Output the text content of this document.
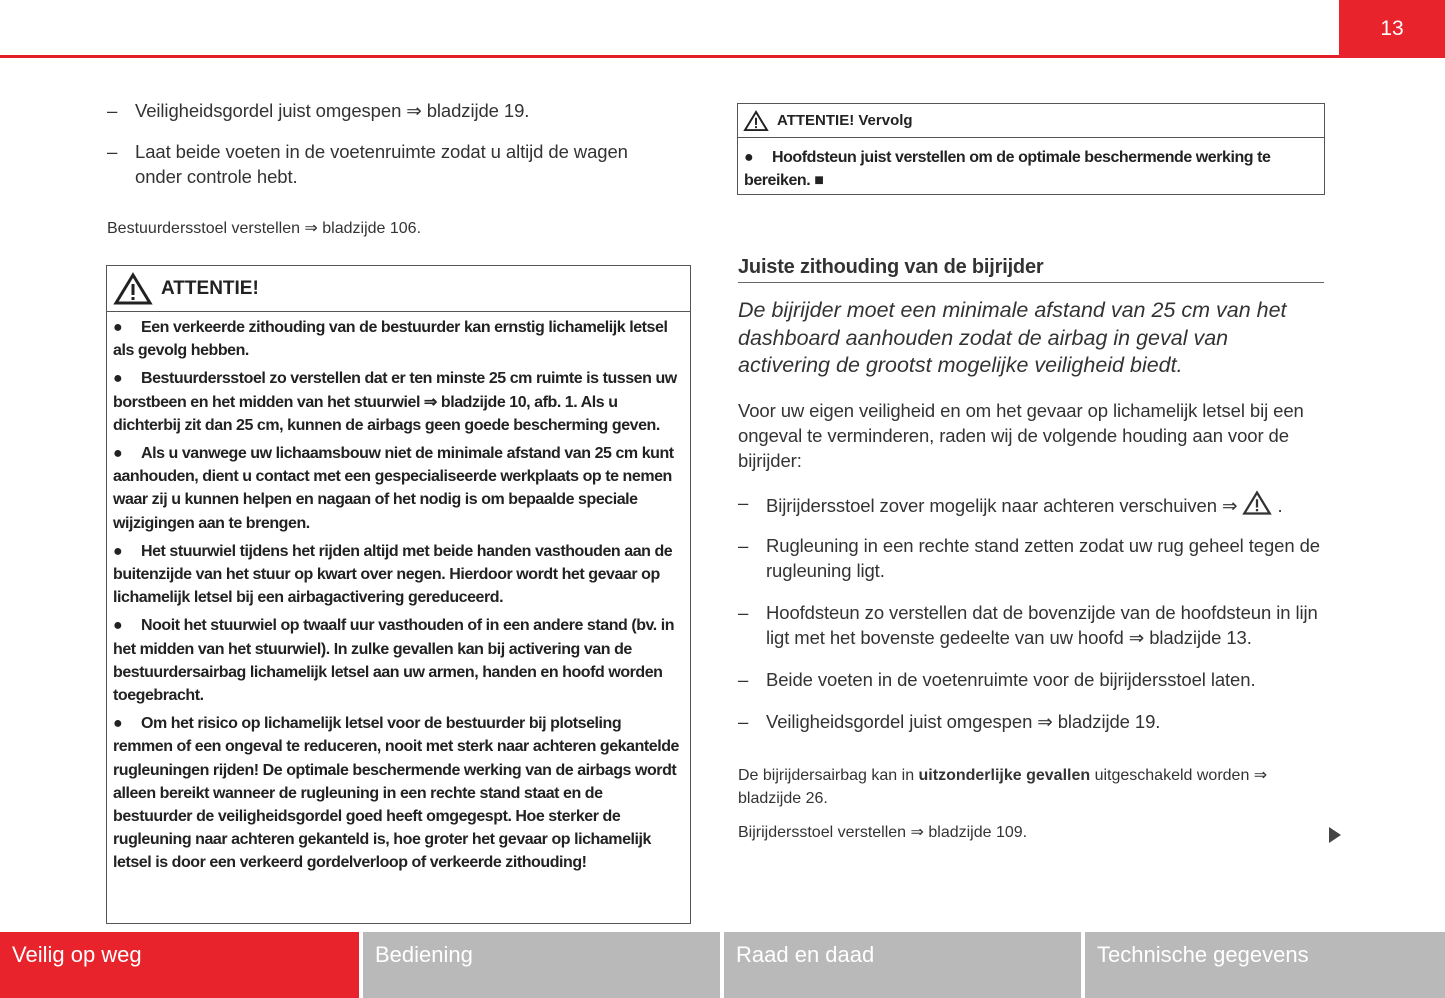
13
– Veiligheidsgordel juist omgespen ⇒ bladzijde 19.
– Laat beide voeten in de voetenruimte zodat u altijd de wagen onder controle hebt.
Bestuurdersstoel verstellen ⇒ bladzijde 106.
ATTENTIE!

● Een verkeerde zithouding van de bestuurder kan ernstig lichamelijk letsel als gevolg hebben.

● Bestuurdersstoel zo verstellen dat er ten minste 25 cm ruimte is tussen uw borstbeen en het midden van het stuurwiel ⇒ bladzijde 10, afb. 1. Als u dichterbij zit dan 25 cm, kunnen de airbags geen goede bescherming geven.

● Als u vanwege uw lichaamsbouw niet de minimale afstand van 25 cm kunt aanhouden, dient u contact met een gespecialiseerde werkplaats op te nemen waar zij u kunnen helpen en nagaan of het nodig is om bepaalde speciale wijzigingen aan te brengen.

● Het stuurwiel tijdens het rijden altijd met beide handen vasthouden aan de buitenzijde van het stuur op kwart over negen. Hierdoor wordt het gevaar op lichamelijk letsel bij een airbagactivering gereduceerd.

● Nooit het stuurwiel op twaalf uur vasthouden of in een andere stand (bv. in het midden van het stuurwiel). In zulke gevallen kan bij activering van de bestuurdersairbag lichamelijk letsel aan uw armen, handen en hoofd worden toegebracht.

● Om het risico op lichamelijk letsel voor de bestuurder bij plotseling remmen of een ongeval te reduceren, nooit met sterk naar achteren gekantelde rugleuningen rijden! De optimale beschermende werking van de airbags wordt alleen bereikt wanneer de rugleuning in een rechte stand staat en de bestuurder de veiligheidsgordel goed heeft omgegespt. Hoe sterker de rugleuning naar achteren gekanteld is, hoe groter het gevaar op lichamelijk letsel is door een verkeerd gordelverloop of verkeerde zithouding!

ATTENTIE! Vervolg

● Hoofdsteun juist verstellen om de optimale beschermende werking te bereiken. ■

Juiste zithouding van de bijrijder
De bijrijder moet een minimale afstand van 25 cm van het dashboard aanhouden zodat de airbag in geval van activering de grootst mogelijke veiligheid biedt.
Voor uw eigen veiligheid en om het gevaar op lichamelijk letsel bij een ongeval te verminderen, raden wij de volgende houding aan voor de bijrijder:
– Bijrijdersstoel zover mogelijk naar achteren verschuiven ⇒  .
– Rugleuning in een rechte stand zetten zodat uw rug geheel tegen de rugleuning ligt.
– Hoofdsteun zo verstellen dat de bovenzijde van de hoofdsteun in lijn ligt met het bovenste gedeelte van uw hoofd ⇒ bladzijde 13.
– Beide voeten in de voetenruimte voor de bijrijdersstoel laten.
– Veiligheidsgordel juist omgespen ⇒ bladzijde 19.
De bijrijdersairbag kan in uitzonderlijke gevallen uitgeschakeld worden ⇒ bladzijde 26.
Bijrijdersstoel verstellen ⇒ bladzijde 109.
Veilig op weg	Bediening	Raad en daad	Technische gegevens
